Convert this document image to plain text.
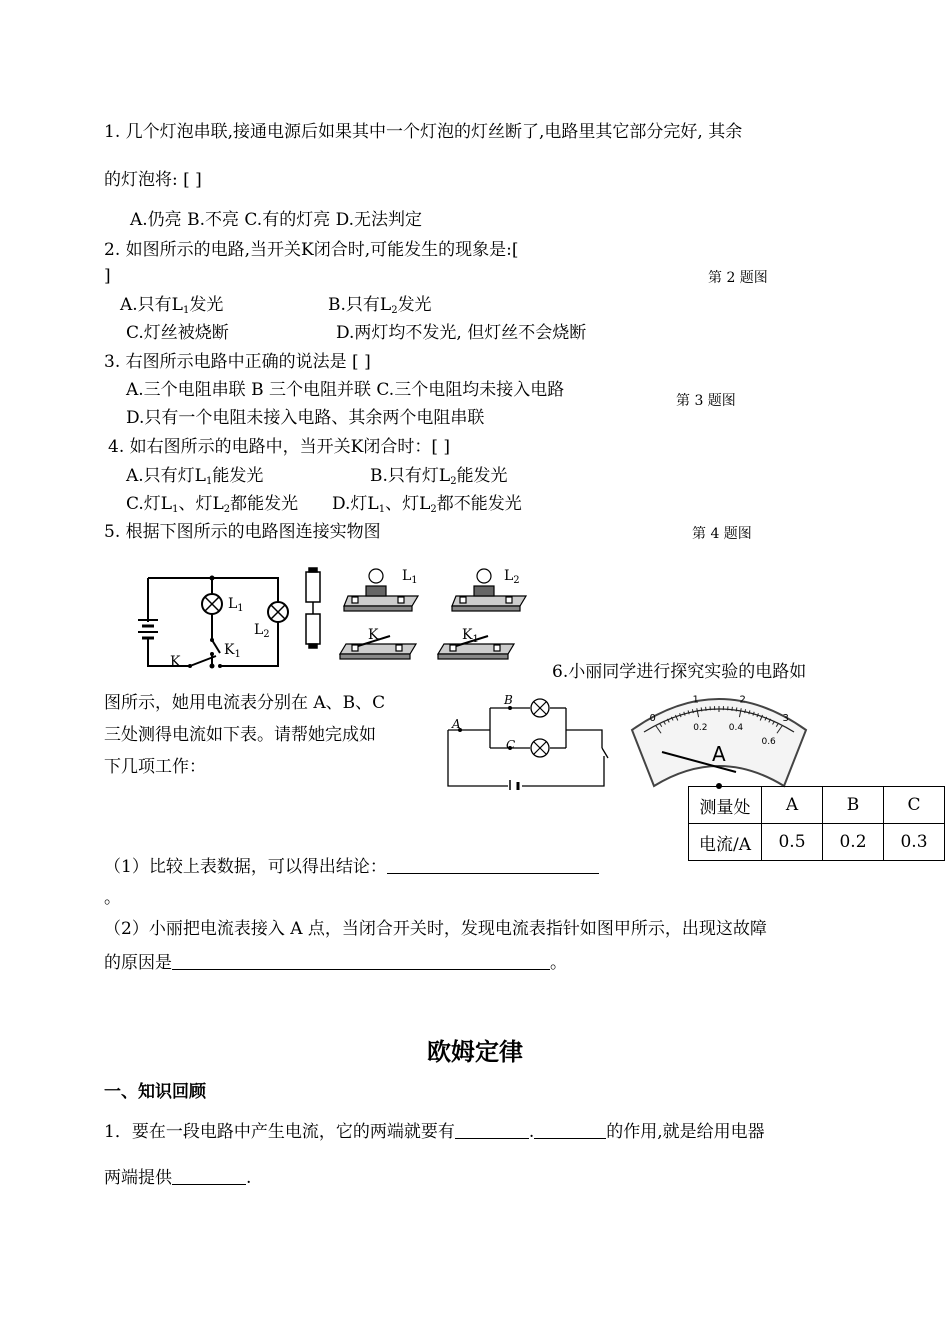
1. 几个灯泡串联,接通电源后如果其中一个灯泡的灯丝断了,电路里其它部分完好, 其余
的灯泡将: [ ]
A.仍亮 B.不亮 C.有的灯亮 D.无法判定
2. 如图所示的电路,当开关K闭合时,可能发生的现象是:[
]	第 2 题图
A.只有$L_1$发光	B.只有$L_2$发光
C.灯丝被烧断	D.两灯均不发光, 但灯丝不会烧断
3. 右图所示电路中正确的说法是 [ ]
A.三个电阻串联 B 三个电阻并联 C.三个电阻均未接入电路
第 3 题图
D.只有一个电阻未接入电路、其余两个电阻串联
4. 如右图所示的电路中，当开关K闭合时：[ ]
A.只有灯$L_1$能发光	B.只有灯$L_2$能发光
C.灯$L_1$、灯$L_2$都能发光 D.灯$L_1$、灯$L_2$都不能发光
5. 根据下图所示的电路图连接实物图	第 4 题图
$L_1$
$L_2$
$K_1$
K
$L_1$	$L_2$
K	$K_1$
6.小丽同学进行探究实验的电路如
图所示，她用电流表分别在 A、B、C
三处测得电流如下表。请帮她完成如
下几项工作：
A
B
C
0
1	2
3
0.2 0.4
0.6
A
测量处	A	B	C
电流/A	0.5	0.2	0.3
（1）比较上表数据，可以得出结论：
。
（2）小丽把电流表接入 A 点，当闭合开关时，发现电流表指针如图甲所示，出现这故障
的原因是	。
欧姆定律
一、知识回顾
1．要在一段电路中产生电流，它的两端就要有	.	的作用,就是给用电器
两端提供	.
